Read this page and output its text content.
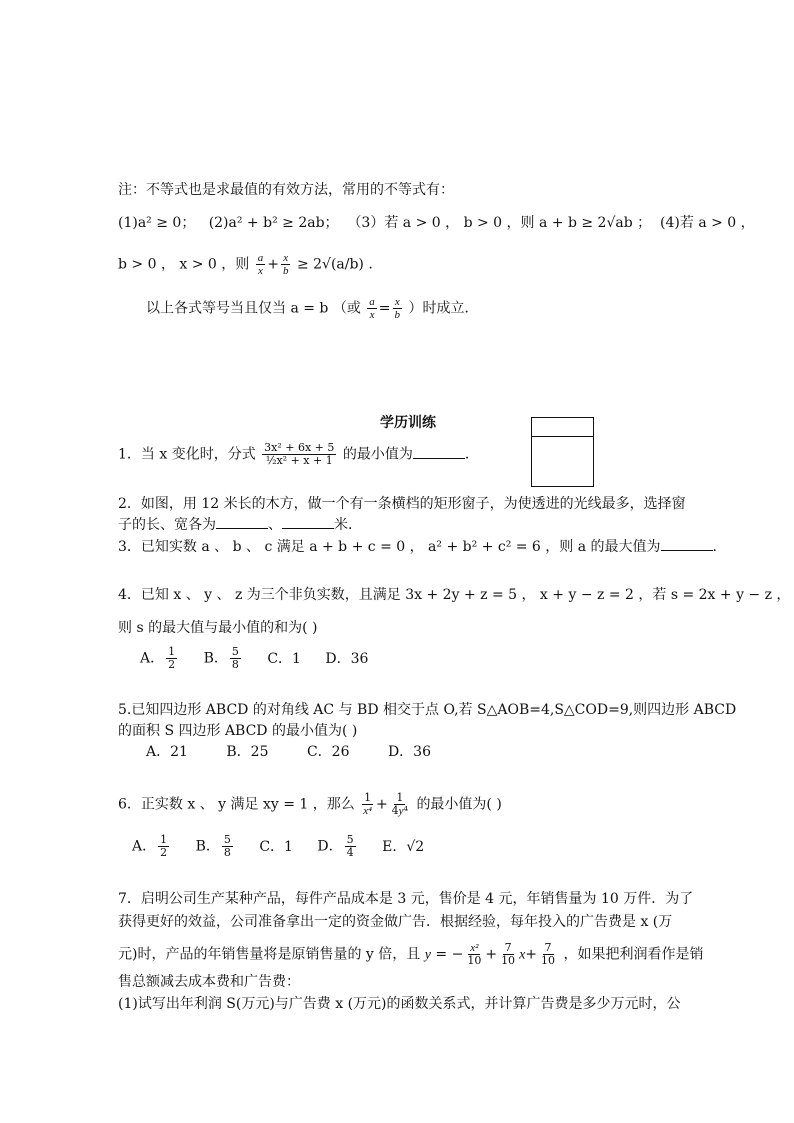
注：不等式也是求最值的有效方法，常用的不等式有：
(1)a² ≥ 0； (2)a² + b² ≥ 2ab； （3）若 a > 0 ， b > 0 ，则 a + b ≥ 2√ab ； (4)若 a > 0 ，
b > 0 ， x > 0 ，则 $\frac{a}{x} + \frac{x}{b} \ge 2√(a/b)$ .
以上各式等号当且仅当 a = b （或 $\frac{a}{x} = \frac{x}{b}$ ）时成立．
学历训练
1．当 x 变化时，分式 $\frac{\text{3x² + 6x + 5}}{\text{½x² + x + 1}}$ 的最小值为	．
2．如图，用 12 米长的木方，做一个有一条横档的矩形窗子，为使透进的光线最多，选择窗
子的长、宽各为	、	米．
3．已知实数 a 、 b 、 c 满足 a + b + c = 0 ， a² + b² + c² = 6 ，则 a 的最大值为	．
4．已知 x 、 y 、 z 为三个非负实数，且满足 3x + 2y + z = 5 ， x + y − z = 2 ，若 s = 2x + y − z ，
则 s 的最大值与最小值的和为( )
A． $\frac{1}{2}$ B． $\frac{5}{8}$ C．1 D．36
5.已知四边形 ABCD 的对角线 AC 与 BD 相交于点 O,若 S△AOB=4,S△COD=9,则四边形 ABCD
的面积 S 四边形 ABCD 的最小值为( )
A．21	B．25	C．26	D．36
6．正实数 x 、 y 满足 xy = 1 ，那么 $\frac{1}{\text{x⁴}} + \frac{1}{\text{4y⁴}}$ 的最小值为( )
A． $\frac{1}{2}$ B． $\frac{5}{8}$ C．1 D． $\frac{5}{4}$ E．√2
7．启明公司生产某种产品，每件产品成本是 3 元，售价是 4 元，年销售量为 10 万件．为了
获得更好的效益，公司准备拿出一定的资金做广告．根据经验，每年投入的广告费是 x (万
元)时，产品的年销售量将是原销售量的 y 倍，且 y = − $\frac{\text{x²}}{10} + \frac{7}{10} x+ \frac{7}{10}$ ，如果把利润看作是销
售总额减去成本费和广告费：
(1)试写出年利润 S(万元)与广告费 x (万元)的函数关系式，并计算广告费是多少万元时，公
